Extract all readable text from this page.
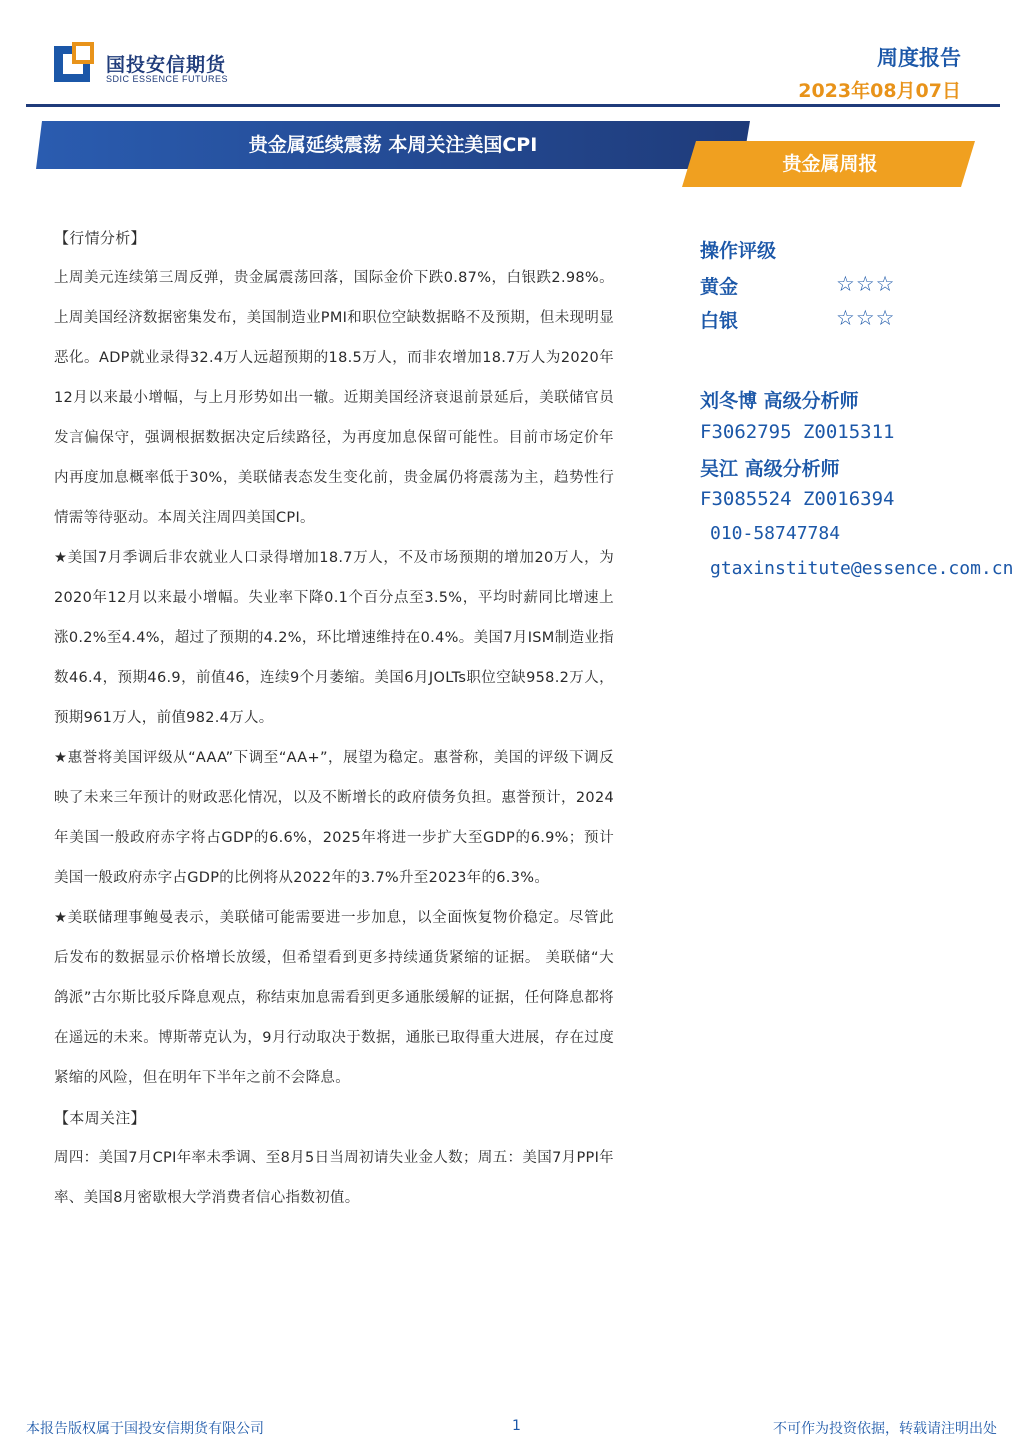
国投安信期货
SDIC ESSENCE FUTURES
周度报告
2023年08月07日
贵金属延续震荡 本周关注美国CPI
贵金属周报

【行情分析】

上周美元连续第三周反弹，贵金属震荡回落，国际金价下跌0.87%，白银跌2.98%。上周美国经济数据密集发布，美国制造业PMI和职位空缺数据略不及预期，但未现明显恶化。ADP就业录得32.4万人远超预期的18.5万人，而非农增加18.7万人为2020年12月以来最小增幅，与上月形势如出一辙。近期美国经济衰退前景延后，美联储官员发言偏保守，强调根据数据决定后续路径，为再度加息保留可能性。目前市场定价年内再度加息概率低于30%，美联储表态发生变化前，贵金属仍将震荡为主，趋势性行情需等待驱动。本周关注周四美国CPI。

★美国7月季调后非农就业人口录得增加18.7万人，不及市场预期的增加20万人，为2020年12月以来最小增幅。失业率下降0.1个百分点至3.5%，平均时薪同比增速上涨0.2%至4.4%，超过了预期的4.2%，环比增速维持在0.4%。美国7月ISM制造业指数46.4，预期46.9，前值46，连续9个月萎缩。美国6月JOLTs职位空缺958.2万人，预期961万人，前值982.4万人。

★惠誉将美国评级从“AAA”下调至“AA+”，展望为稳定。惠誉称，美国的评级下调反映了未来三年预计的财政恶化情况，以及不断增长的政府债务负担。惠誉预计，2024年美国一般政府赤字将占GDP的6.6%，2025年将进一步扩大至GDP的6.9%；预计美国一般政府赤字占GDP的比例将从2022年的3.7%升至2023年的6.3%。

★美联储理事鲍曼表示，美联储可能需要进一步加息，以全面恢复物价稳定。尽管此后发布的数据显示价格增长放缓，但希望看到更多持续通货紧缩的证据。 美联储“大鸽派”古尔斯比驳斥降息观点，称结束加息需看到更多通胀缓解的证据，任何降息都将在遥远的未来。博斯蒂克认为，9月行动取决于数据，通胀已取得重大进展，存在过度紧缩的风险，但在明年下半年之前不会降息。

【本周关注】

周四：美国7月CPI年率未季调、至8月5日当周初请失业金人数；周五：美国7月PPI年率、美国8月密歇根大学消费者信心指数初值。

操作评级
黄金	☆☆☆
白银	☆☆☆
刘冬博 高级分析师
F3062795 Z0015311
吴江 高级分析师
F3085524 Z0016394
010-58747784
gtaxinstitute@essence.com.cn
本报告版权属于国投安信期货有限公司	1	不可作为投资依据，转载请注明出处
